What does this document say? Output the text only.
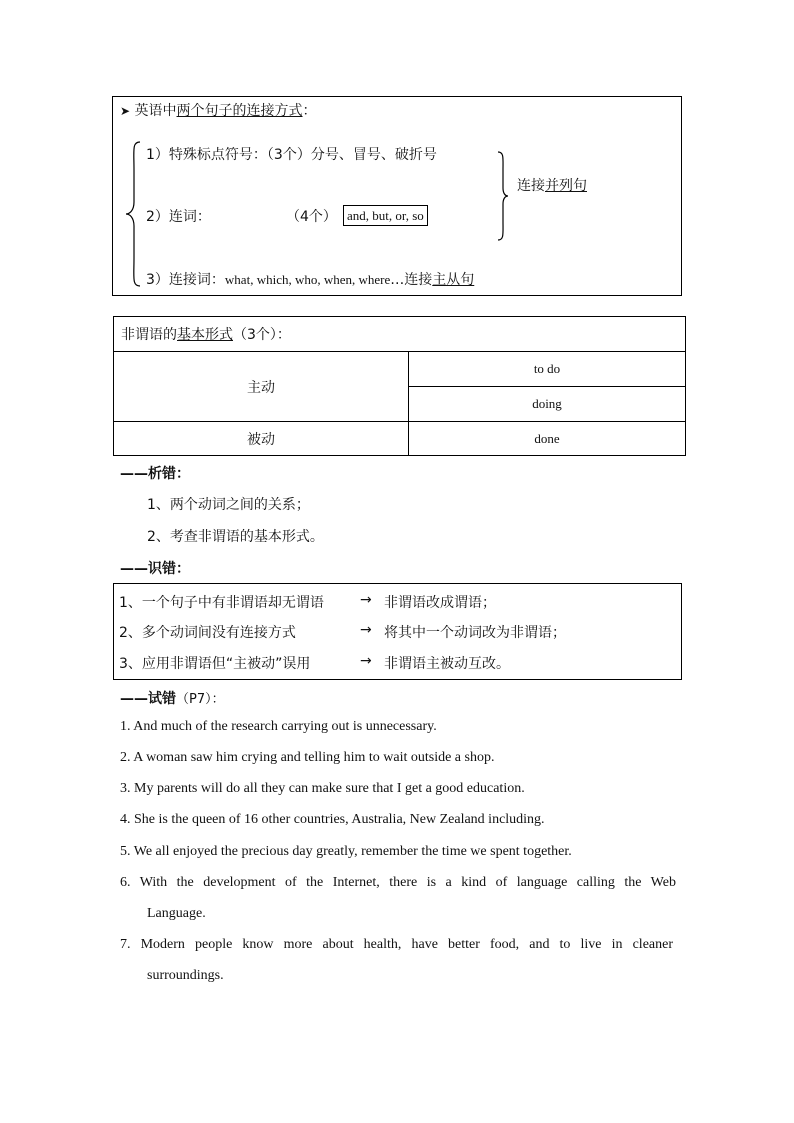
➤ 英语中两个句子的连接方式：
1）特殊标点符号：（3个）分号、冒号、破折号
2）连词：	（4个） and, but, or, so
连接并列句
3）连接词：what, which, who, when, where…连接主从句
非谓语的基本形式（3个）：	
主动	to do
	doing
被动	done
——析错：
1、两个动词之间的关系；
2、考查非谓语的基本形式。
——识错：
1、一个句子中有非谓语却无谓语	→ 非谓语改成谓语；
2、多个动词间没有连接方式	→ 将其中一个动词改为非谓语；
3、应用非谓语但“主被动”误用	→ 非谓语主被动互改。
——试错（P7）：
1. And much of the research carrying out is unnecessary.
2. A woman saw him crying and telling him to wait outside a shop.
3. My parents will do all they can make sure that I get a good education.
4. She is the queen of 16 other countries, Australia, New Zealand including.
5. We all enjoyed the precious day greatly, remember the time we spent together.
6. With the development of the Internet, there is a kind of language calling the Web
Language.
7. Modern people know more about health, have better food, and to live in cleaner
surroundings.
